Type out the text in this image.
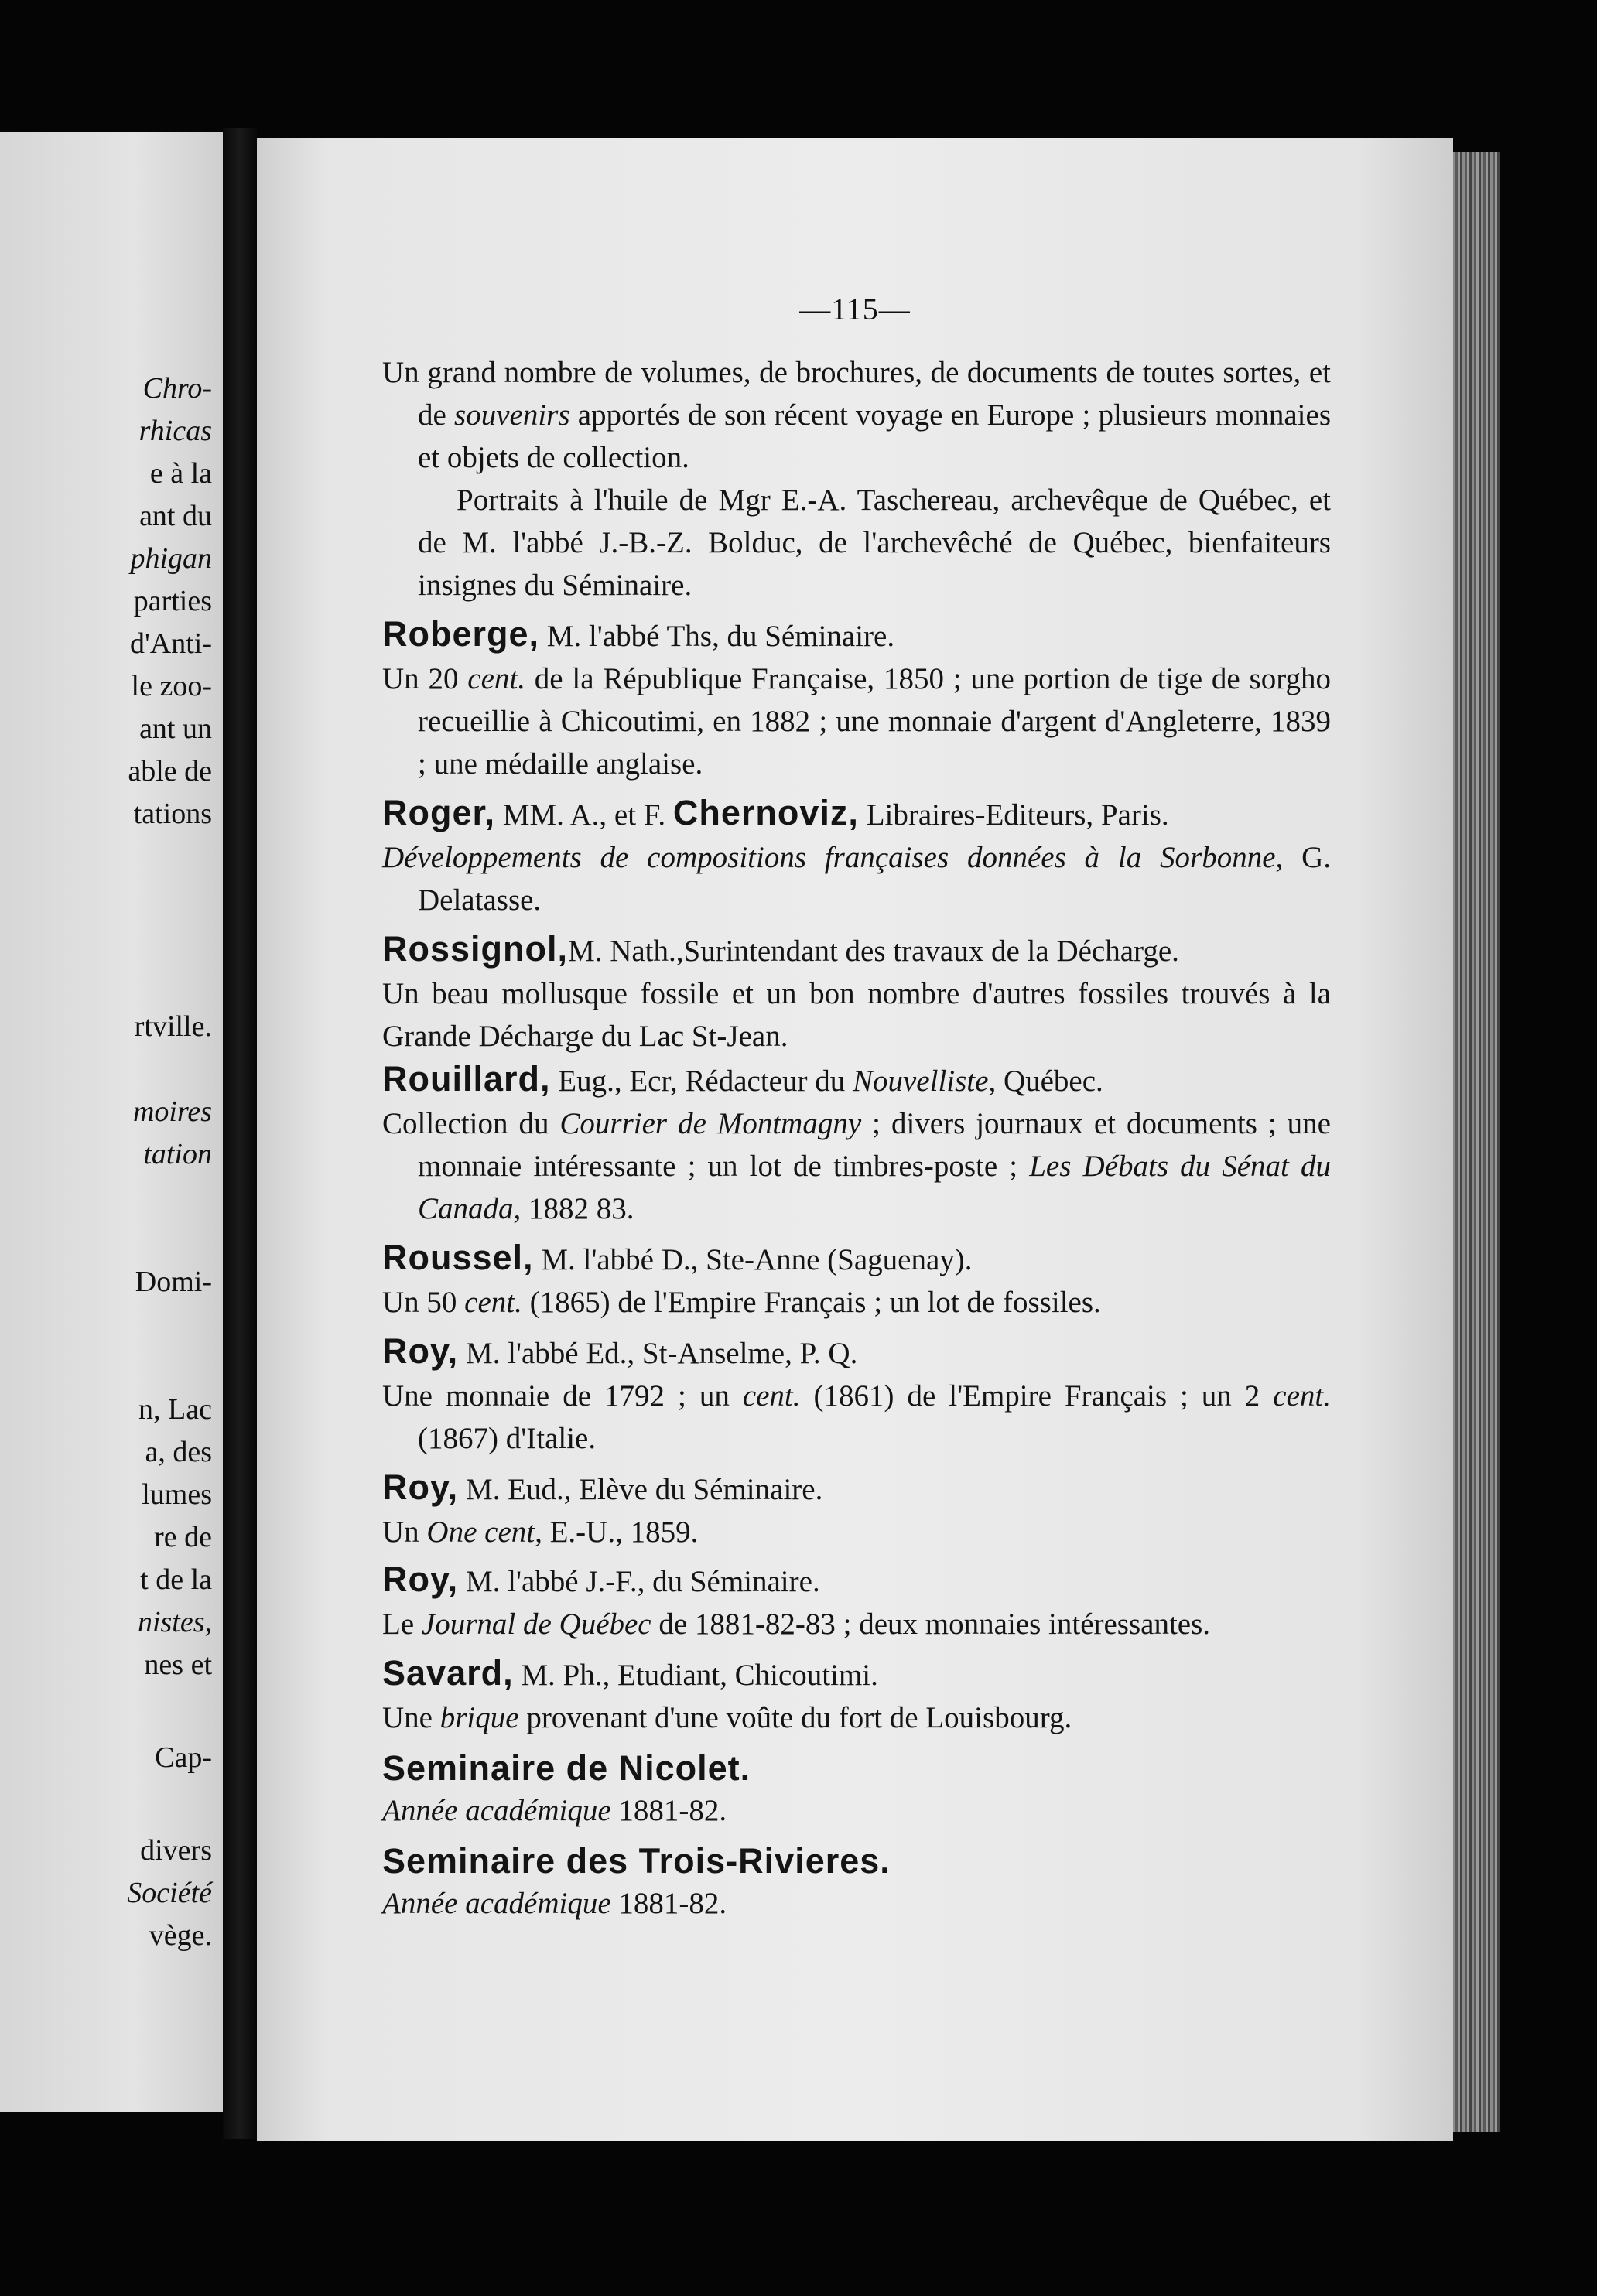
Chro-
rhicas
e à la
ant du
phigan
parties
d'Anti-
le zoo-
ant un
able de
tations
rtville.
moires
tation
Domi-
n, Lac
a, des
lumes
re de
t de la
nistes,
nes et
Cap-
divers
Société
vège.
—115—

Un grand nombre de volumes, de brochures, de documents de toutes sortes, et de souvenirs apportés de son récent voyage en Europe ; plusieurs monnaies et objets de collection.

Portraits à l'huile de Mgr E.-A. Taschereau, archevêque de Québec, et de M. l'abbé J.-B.-Z. Bolduc, de l'archevêché de Québec, bienfaiteurs insignes du Séminaire.

Roberge, M. l'abbé Ths, du Séminaire.

Un 20 cent. de la République Française, 1850 ; une portion de tige de sorgho recueillie à Chicoutimi, en 1882 ; une monnaie d'argent d'Angleterre, 1839 ; une médaille anglaise.

Roger, MM. A., et F. Chernoviz, Libraires-Editeurs, Paris.

Développements de compositions françaises données à la Sorbonne, G. Delatasse.

Rossignol,M. Nath.,Surintendant des travaux de la Décharge.

Un beau mollusque fossile et un bon nombre d'autres fossiles trouvés à la Grande Décharge du Lac St-Jean.

Rouillard, Eug., Ecr, Rédacteur du Nouvelliste, Québec.

Collection du Courrier de Montmagny ; divers journaux et documents ; une monnaie intéressante ; un lot de timbres-poste ; Les Débats du Sénat du Canada, 1882 83.

Roussel, M. l'abbé D., Ste-Anne (Saguenay).

Un 50 cent. (1865) de l'Empire Français ; un lot de fossiles.

Roy, M. l'abbé Ed., St-Anselme, P. Q.

Une monnaie de 1792 ; un cent. (1861) de l'Empire Français ; un 2 cent. (1867) d'Italie.

Roy, M. Eud., Elève du Séminaire.

Un One cent, E.-U., 1859.

Roy, M. l'abbé J.-F., du Séminaire.

Le Journal de Québec de 1881-82-83 ; deux monnaies intéressantes.

Savard, M. Ph., Etudiant, Chicoutimi.

Une brique provenant d'une voûte du fort de Louisbourg.

Seminaire de Nicolet.

Année académique 1881-82.

Seminaire des Trois-Rivieres.

Année académique 1881-82.
